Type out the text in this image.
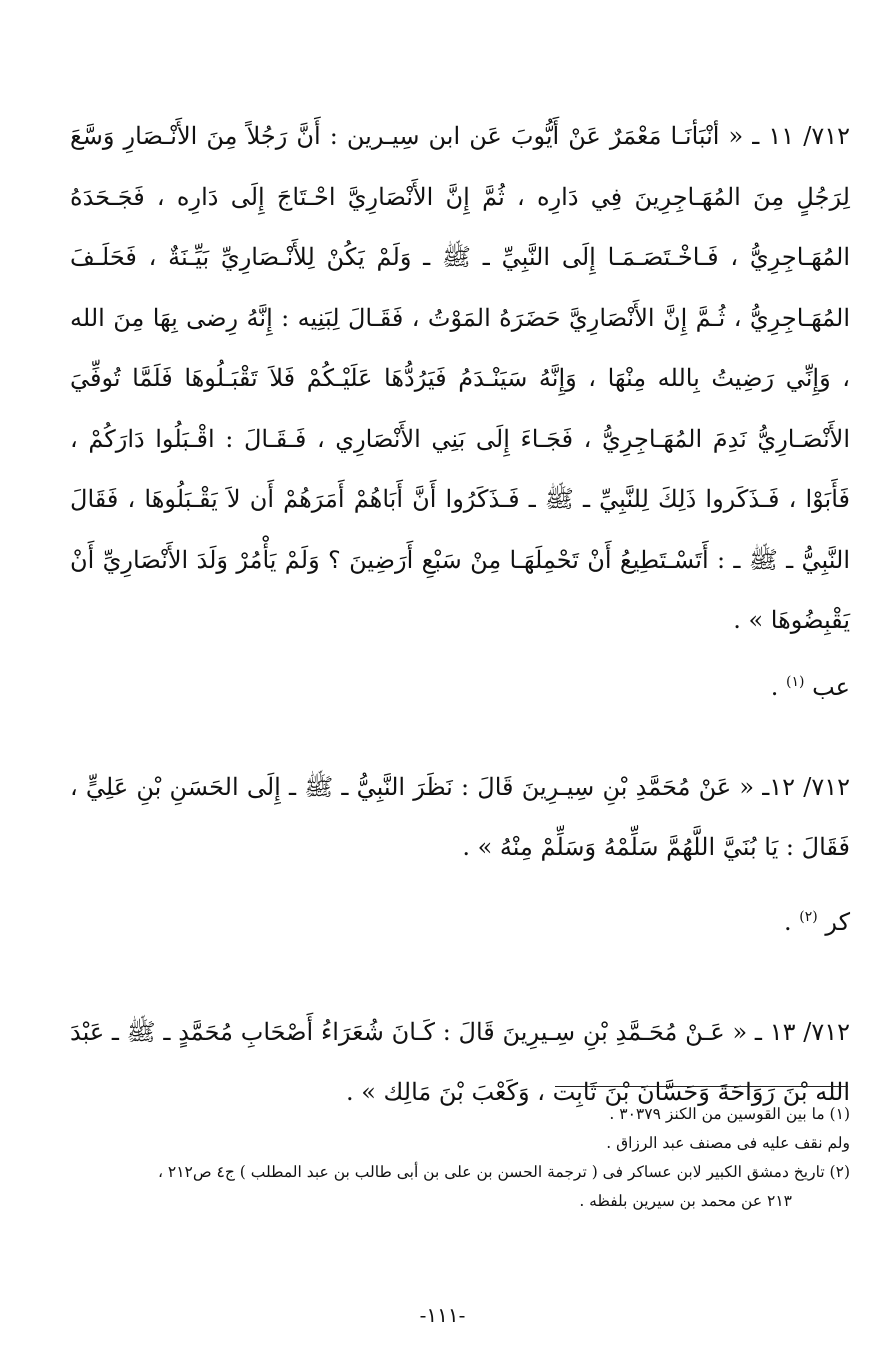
٧١٢/ ١١ ـ « أنْبَأنَـا مَعْمَرٌ عَنْ أَيُّوبَ عَن ابن سِيـرين : أَنَّ رَجُلاً مِنَ الأَنْـصَارِ وَسَّعَ لِرَجُلٍ مِنَ المُهَـاجِرِينَ فِي دَارِه ، ثُمَّ إِنَّ الأَنْصَارِيَّ احْـتَاجَ إِلَى دَارِه ، فَجَـحَدَهُ المُهَـاجِرِيُّ ، فَـاخْـتَصَـمَـا إِلَى النَّبِيِّ ـ ﷺ ـ وَلَمْ يَكُنْ لِلأَنْـصَارِيِّ بَيِّـنَةٌ ، فَحَلَـفَ المُهَـاجِرِيُّ ، ثُـمَّ إِنَّ الأَنْصَارِيَّ حَضَرَهُ المَوْتُ ، فَقَـالَ لِبَنِيه : إِنَّهُ رِضى بِهَا مِنَ الله ، وَإِنِّي رَضِيتُ بِالله مِنْهَا ، وَإِنَّهُ سَيَنْـدَمُ فَيَرُدُّهَا عَلَيْـكُمْ فَلاَ تَقْبَـلُوهَا فَلَمَّا تُوفِّيَ الأَنْصَـارِيُّ نَدِمَ المُهَـاجِرِيُّ ، فَجَـاءَ إِلَى بَنِي الأَنْصَارِي ، فَـقَـالَ : اقْـبَلُوا دَارَكُمْ ، فَأَبَوْا ، فَـذَكَروا ذَلِكَ لِلنَّبِيِّ ـ ﷺ ـ فَـذَكَرُوا أَنَّ أَبَاهُمْ أَمَرَهُمْ أَن لاَ يَقْـبَلُوهَا ، فَقَالَ النَّبِيُّ ـ ﷺ ـ : أَتَسْـتَطِيعُ أَنْ تَحْمِلَهَـا مِنْ سَبْعِ أَرَضِينَ ؟ وَلَمْ يَأْمُرْ وَلَدَ الأَنْصَارِيِّ أَنْ يَقْبِضُوهَا » .

عب $^{(١)}$ .

٧١٢/ ١٢ـ « عَنْ مُحَمَّدِ بْنِ سِيـرِينَ قَالَ : نَظَرَ النَّبِيُّ ـ ﷺ ـ إِلَى الحَسَنِ بْنِ عَلِيٍّ ، فَقَالَ : يَا بُنَيَّ اللَّهُمَّ سَلِّمْهُ وَسَلِّمْ مِنْهُ » .

كر $^{(٢)}$ .

٧١٢/ ١٣ ـ « عَـنْ مُحَـمَّدِ بْنِ سِـيرِينَ قَالَ : كَـانَ شُعَرَاءُ أَصْحَابِ مُحَمَّدٍ ـ ﷺ ـ عَبْدَ الله بْنَ رَوَاحَةَ وَحَسَّانَ بْنَ ثَابِت ، وَكَعْبَ بْنَ مَالِك » .

(١) ما بين القوسين من الكنز ٣٠٣٧٩ .

ولم نقف عليه فى مصنف عبد الرزاق .

(٢) تاريخ دمشق الكبير لابن عساكر فى ( ترجمة الحسن بن على بن أبى طالب بن عبد المطلب ) ج٤ ص٢١٢ ،

٢١٣ عن محمد بن سيرين بلفظه .

-١١١-
